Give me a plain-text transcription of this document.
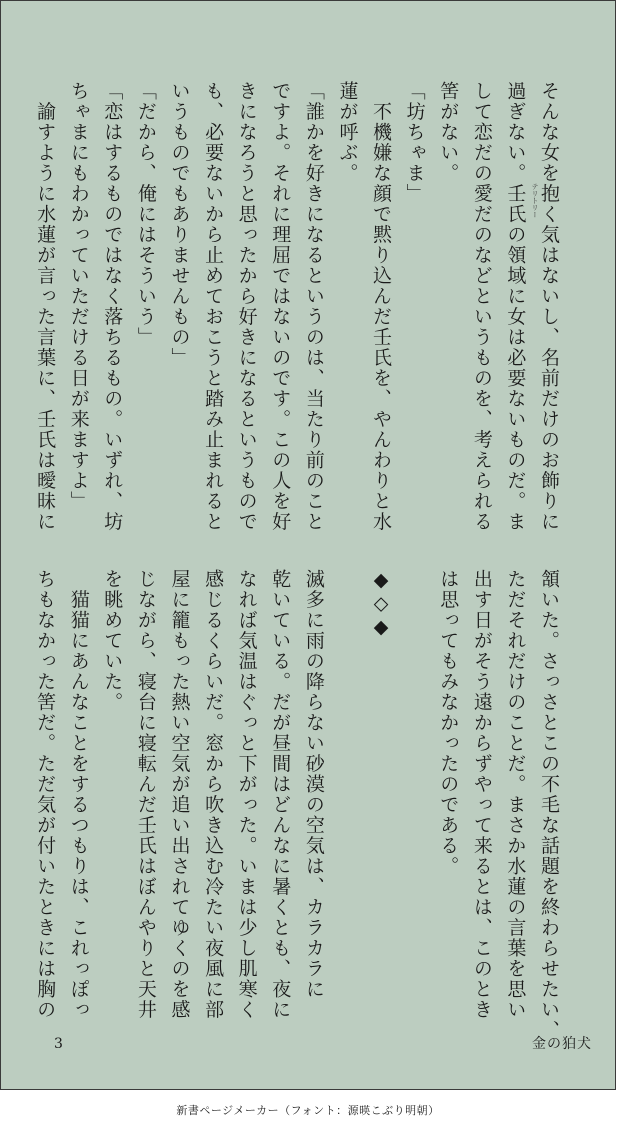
そんな女を抱く気はないし、名前だけのお飾りに
過ぎない。壬氏の領域に女は必要ないものだ。ま
して恋だの愛だのなどというものを、考えられる
筈がない。
「坊ちゃま」
　不機嫌な顔で黙り込んだ壬氏を、やんわりと水
蓮が呼ぶ。
「誰かを好きになるというのは、当たり前のこと
ですよ。それに理屈ではないのです。この人を好
きになろうと思ったから好きになるというもので
も、必要ないから止めておこうと踏み止まれると
いうものでもありませんもの」
「だから、俺にはそういう」
「恋はするものではなく落ちるもの。いずれ、坊
ちゃまにもわかっていただける日が来ますよ」
　諭すように水蓮が言った言葉に、壬氏は曖昧に	テリトリー
頷いた。さっさとこの不毛な話題を終わらせたい、
ただそれだけのことだ。まさか水蓮の言葉を思い
出す日がそう遠からずやって来るとは、このとき
は思ってもみなかったのである。

◆◇◆

滅多に雨の降らない砂漠の空気は、カラカラに
乾いている。だが昼間はどんなに暑くとも、夜に
なれば気温はぐっと下がった。いまは少し肌寒く
感じるくらいだ。窓から吹き込む冷たい夜風に部
屋に籠もった熱い空気が追い出されてゆくのを感
じながら、寝台に寝転んだ壬氏はぼんやりと天井
を眺めていた。
　猫猫にあんなことをするつもりは、これっぽっ
ちもなかった筈だ。ただ気が付いたときには胸の
3	金の狛犬
新書ページメーカー（フォント：源暎こぶり明朝）
